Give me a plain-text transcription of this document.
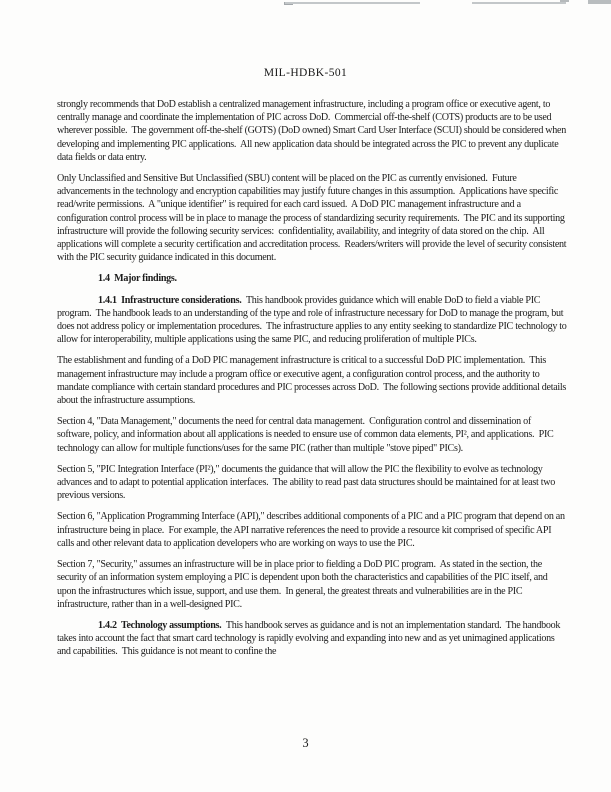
MIL-HDBK-501

strongly recommends that DoD establish a centralized management infrastructure, including a program office or executive agent, to centrally manage and coordinate the implementation of PIC across DoD.  Commercial off-the-shelf (COTS) products are to be used wherever possible.  The government off-the-shelf (GOTS) (DoD owned) Smart Card User Interface (SCUI) should be considered when developing and implementing PIC applications.  All new application data should be integrated across the PIC to prevent any duplicate data fields or data entry.

Only Unclassified and Sensitive But Unclassified (SBU) content will be placed on the PIC as currently envisioned.  Future advancements in the technology and encryption capabilities may justify future changes in this assumption.  Applications have specific read/write permissions.  A "unique identifier" is required for each card issued.  A DoD PIC management infrastructure and a configuration control process will be in place to manage the process of standardizing security requirements.  The PIC and its supporting infrastructure will provide the following security services:  confidentiality, availability, and integrity of data stored on the chip.  All applications will complete a security certification and accreditation process.  Readers/writers will provide the level of security consistent with the PIC security guidance indicated in this document.

1.4  Major findings.

1.4.1  Infrastructure considerations.  This handbook provides guidance which will enable DoD to field a viable PIC program.  The handbook leads to an understanding of the type and role of infrastructure necessary for DoD to manage the program, but does not address policy or implementation procedures.  The infrastructure applies to any entity seeking to standardize PIC technology to allow for interoperability, multiple applications using the same PIC, and reducing proliferation of multiple PICs.

The establishment and funding of a DoD PIC management infrastructure is critical to a successful DoD PIC implementation.  This management infrastructure may include a program office or executive agent, a configuration control process, and the authority to mandate compliance with certain standard procedures and PIC processes across DoD.  The following sections provide additional details about the infrastructure assumptions.

Section 4, "Data Management," documents the need for central data management.  Configuration control and dissemination of software, policy, and information about all applications is needed to ensure use of common data elements, PI², and applications.  PIC technology can allow for multiple functions/uses for the same PIC (rather than multiple "stove piped" PICs).

Section 5, "PIC Integration Interface (PI²)," documents the guidance that will allow the PIC the flexibility to evolve as technology advances and to adapt to potential application interfaces.  The ability to read past data structures should be maintained for at least two previous versions.

Section 6, "Application Programming Interface (API)," describes additional components of a PIC and a PIC program that depend on an infrastructure being in place.  For example, the API narrative references the need to provide a resource kit comprised of specific API calls and other relevant data to application developers who are working on ways to use the PIC.

Section 7, "Security," assumes an infrastructure will be in place prior to fielding a DoD PIC program.  As stated in the section, the security of an information system employing a PIC is dependent upon both the characteristics and capabilities of the PIC itself, and upon the infrastructures which issue, support, and use them.  In general, the greatest threats and vulnerabilities are in the PIC infrastructure, rather than in a well-designed PIC.

1.4.2  Technology assumptions.  This handbook serves as guidance and is not an implementation standard.  The handbook takes into account the fact that smart card technology is rapidly evolving and expanding into new and as yet unimagined applications and capabilities.  This guidance is not meant to confine the

3
